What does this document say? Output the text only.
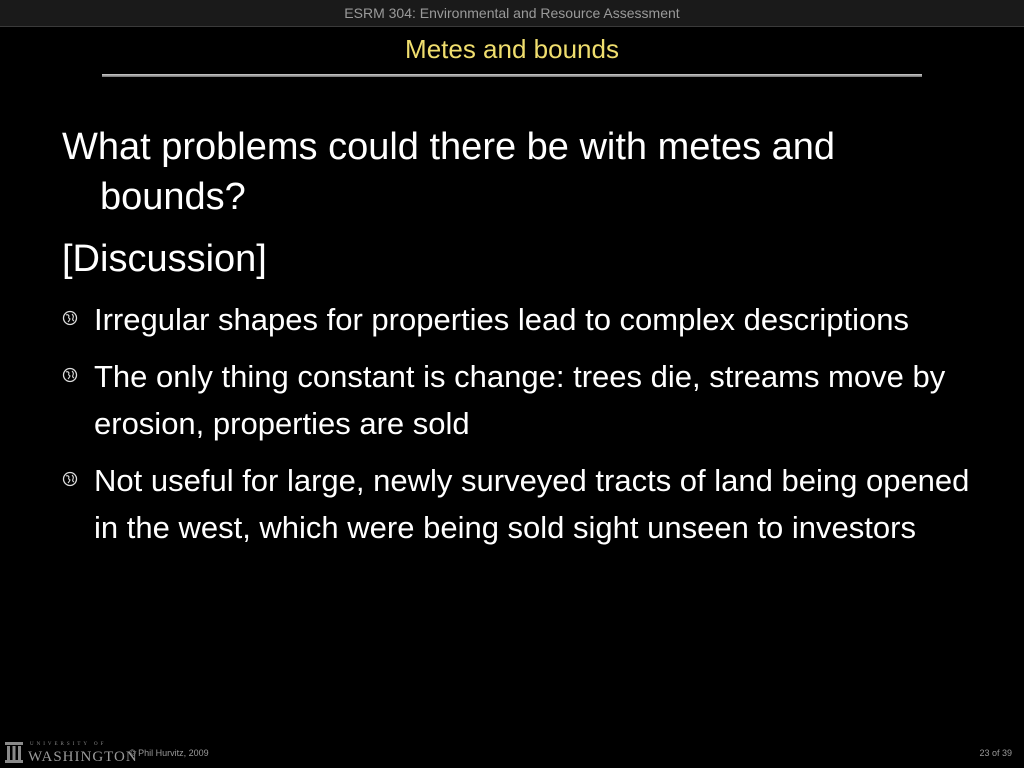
ESRM 304: Environmental and Resource Assessment
Metes and bounds
What problems could there be with metes and bounds?
[Discussion]
Irregular shapes for properties lead to complex descriptions
The only thing constant is change: trees die, streams move by erosion, properties are sold
Not useful for large, newly surveyed tracts of land being opened in the west, which were being sold sight unseen to investors
UNIVERSITY OF
WASHINGTON
© Phil Hurvitz, 2009	23 of 39
